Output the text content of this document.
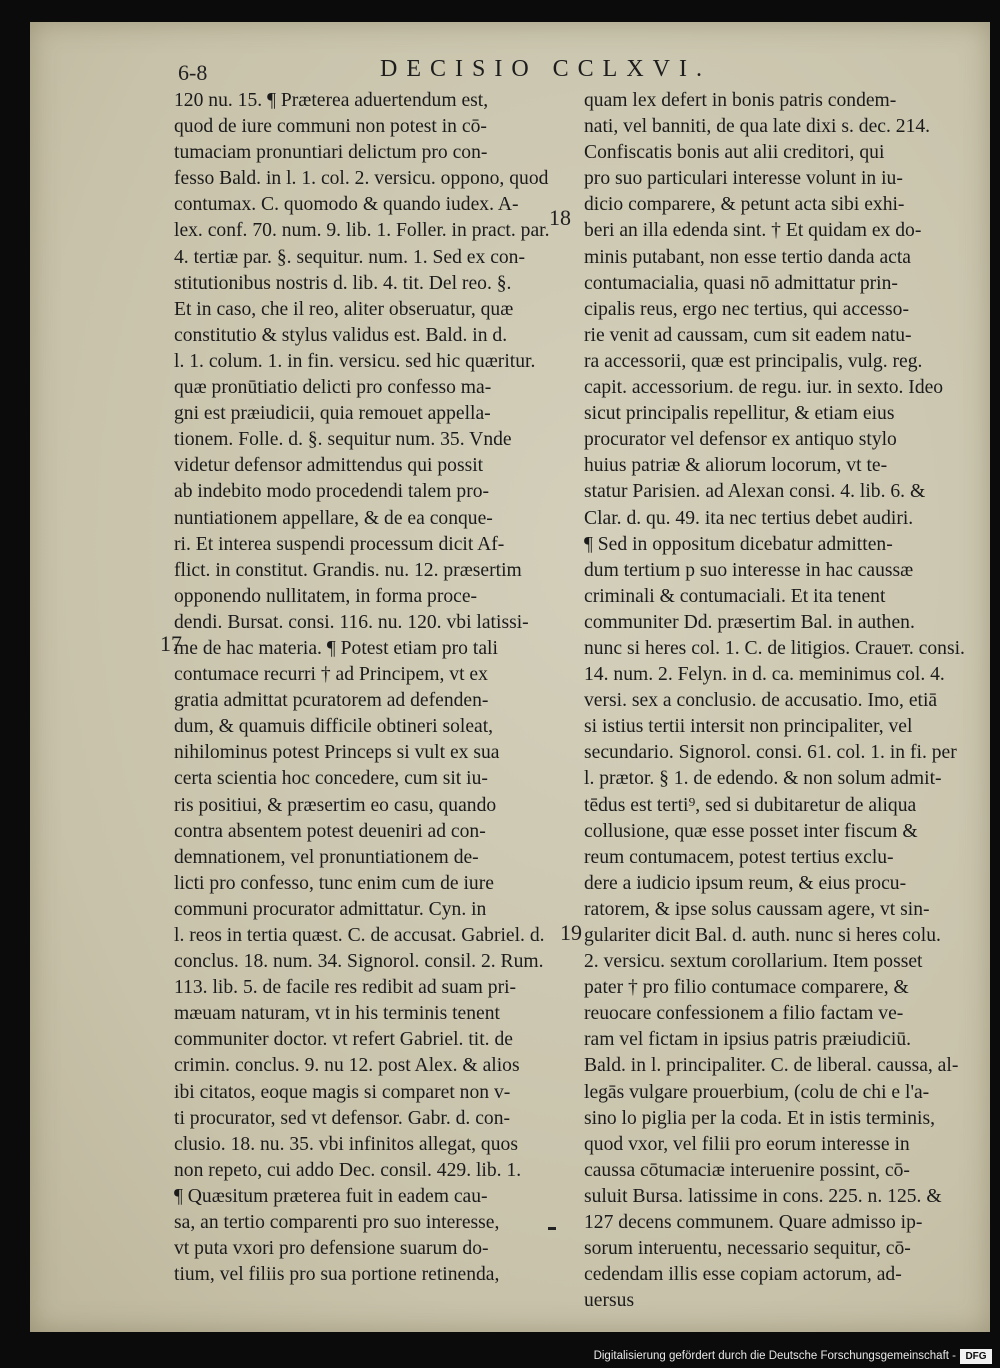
6-8	DECISIO CCLXVI.
120 nu. 15. ¶ Præterea aduertendum est,
quod de iure communi non potest in cō-
tumaciam pronuntiari delictum pro con-
fesso Bald. in l. 1. col. 2. versicu. oppono, quod
contumax. C. quomodo & quando iudex. A-
lex. conf. 70. num. 9. lib. 1. Foller. in pract. par.
4. tertiæ par. §. sequitur. num. 1. Sed ex con-
stitutionibus nostris d. lib. 4. tit. Del reo. §.
Et in caso, che il reo, aliter obseruatur, quæ
constitutio & stylus validus est. Bald. in d.
l. 1. colum. 1. in fin. versicu. sed hic quæritur.
quæ pronūtiatio delicti pro confesso ma-
gni est præiudicii, quia remouet appella-
tionem. Folle. d. §. sequitur num. 35. Vnde
videtur defensor admittendus qui possit
ab indebito modo procedendi talem pro-
nuntiationem appellare, & de ea conque-
ri. Et interea suspendi processum dicit Af-
flict. in constitut. Grandis. nu. 12. præsertim
opponendo nullitatem, in forma proce-
dendi. Bursat. consi. 116. nu. 120. vbi latissi-
me de hac materia. ¶ Potest etiam pro tali
contumace recurri † ad Principem, vt ex
gratia admittat pcuratorem ad defenden-
dum, & quamuis difficile obtineri soleat,
nihilominus potest Princeps si vult ex sua
certa scientia hoc concedere, cum sit iu-
ris positiui, & præsertim eo casu, quando
contra absentem potest deueniri ad con-
demnationem, vel pronuntiationem de-
licti pro confesso, tunc enim cum de iure
communi procurator admittatur. Cyn. in
l. reos in tertia quæst. C. de accusat. Gabriel. d.
conclus. 18. num. 34. Signorol. consil. 2. Rum.
113. lib. 5. de facile res redibit ad suam pri-
mæuam naturam, vt in his terminis tenent
communiter doctor. vt refert Gabriel. tit. de
crimin. conclus. 9. nu 12. post Alex. & alios
ibi citatos, eoque magis si comparet non v-
ti procurator, sed vt defensor. Gabr. d. con-
clusio. 18. nu. 35. vbi infinitos allegat, quos
non repeto, cui addo Dec. consil. 429. lib. 1.
¶ Quæsitum præterea fuit in eadem cau-
sa, an tertio comparenti pro suo interesse,
vt puta vxori pro defensione suarum do-
tium, vel filiis pro sua portione retinenda,
quam lex defert in bonis patris condem-
nati, vel banniti, de qua late dixi s. dec. 214.
Confiscatis bonis aut alii creditori, qui
pro suo particulari interesse volunt in iu-
dicio comparere, & petunt acta sibi exhi-
beri an illa edenda sint. † Et quidam ex do-
minis putabant, non esse tertio danda acta
contumacialia, quasi nō admittatur prin-
cipalis reus, ergo nec tertius, qui accesso-
rie venit ad caussam, cum sit eadem natu-
ra accessorii, quæ est principalis, vulg. reg.
capit. accessorium. de regu. iur. in sexto. Ideo
sicut principalis repellitur, & etiam eius
procurator vel defensor ex antiquo stylo
huius patriæ & aliorum locorum, vt te-
statur Parisien. ad Alexan consi. 4. lib. 6. &
Clar. d. qu. 49. ita nec tertius debet audiri.
¶ Sed in oppositum dicebatur admitten-
dum tertium p suo interesse in hac caussæ
criminali & contumaciali. Et ita tenent
communiter Dd. præsertim Bal. in authen.
nunc si heres col. 1. C. de litigios. Craueт. consi.
14. num. 2. Felyn. in d. ca. meminimus col. 4.
versi. sex a conclusio. de accusatio. Imo, etiā
si istius tertii intersit non principaliter, vel
secundario. Signorol. consi. 61. col. 1. in fi. per
l. prætor. § 1. de edendo. & non solum admit-
tēdus est terti⁹, sed si dubitaretur de aliqua
collusione, quæ esse posset inter fiscum &
reum contumacem, potest tertius exclu-
dere a iudicio ipsum reum, & eius procu-
ratorem, & ipse solus caussam agere, vt sin-
gulariter dicit Bal. d. auth. nunc si heres colu.
2. versicu. sextum corollarium. Item posset
pater † pro filio contumace comparere, &
reuocare confessionem a filio factam ve-
ram vel fictam in ipsius patris præiudiciū.
Bald. in l. principaliter. C. de liberal. caussa, al-
legās vulgare prouerbium, (colu de chi e l'a-
sino lo piglia per la coda. Et in istis terminis,
quod vxor, vel filii pro eorum interesse in
caussa cōtumaciæ interuenire possint, cō-
suluit Bursa. latissime in cons. 225. n. 125. &
127 decens communem. Quare admisso ip-
sorum interuentu, necessario sequitur, cō-
cedendam illis esse copiam actorum, ad-
uersus
17
18
19
Digitalisierung gefördert durch die Deutsche Forschungsgemeinschaft - DFG
